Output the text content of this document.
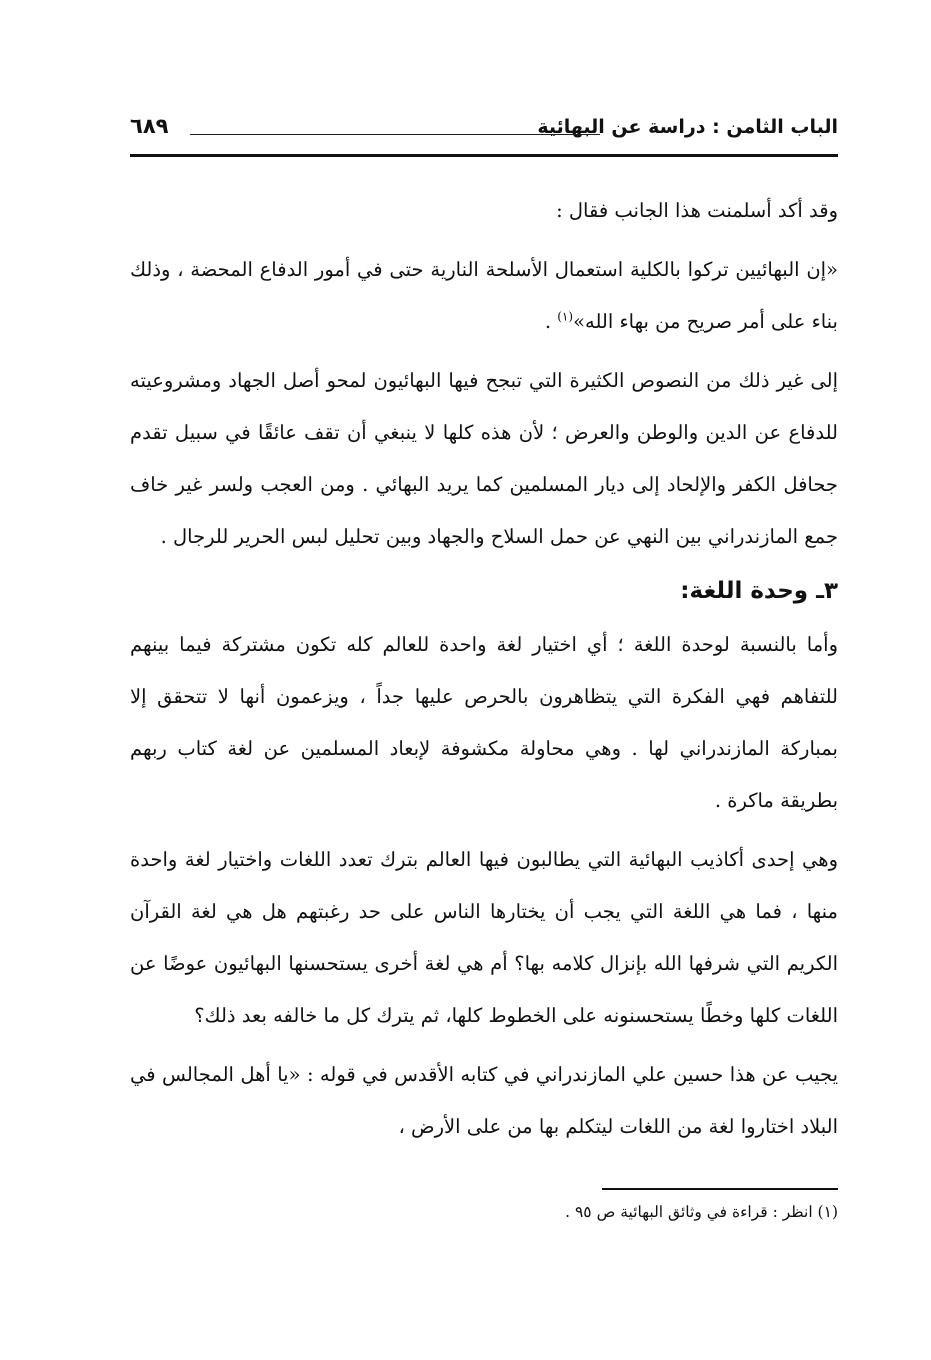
الباب الثامن : دراسة عن البهائية
٦٨٩

وقد أكد أسلمنت هذا الجانب فقال :

«إن البهائيين تركوا بالكلية استعمال الأسلحة النارية حتى في أمور الدفاع المحضة ، وذلك بناء على أمر صريح من بهاء الله»$^{(١)}$ .

إلى غير ذلك من النصوص الكثيرة التي تبجح فيها البهائيون لمحو أصل الجهاد ومشروعيته للدفاع عن الدين والوطن والعرض ؛ لأن هذه كلها لا ينبغي أن تقف عائقًا في سبيل تقدم جحافل الكفر والإلحاد إلى ديار المسلمين كما يريد البهائي . ومن العجب ولسر غير خاف جمع المازندراني بين النهي عن حمل السلاح والجهاد وبين تحليل لبس الحرير للرجال .

٣ـ وحدة اللغة:

وأما بالنسبة لوحدة اللغة ؛ أي اختيار لغة واحدة للعالم كله تكون مشتركة فيما بينهم للتفاهم فهي الفكرة التي يتظاهرون بالحرص عليها جداً ، ويزعمون أنها لا تتحقق إلا بمباركة المازندراني لها . وهي محاولة مكشوفة لإبعاد المسلمين عن لغة كتاب ربهم بطريقة ماكرة .

وهي إحدى أكاذيب البهائية التي يطالبون فيها العالم بترك تعدد اللغات واختيار لغة واحدة منها ، فما هي اللغة التي يجب أن يختارها الناس على حد رغبتهم هل هي لغة القرآن الكريم التي شرفها الله بإنزال كلامه بها؟ أم هي لغة أخرى يستحسنها البهائيون عوضًا عن اللغات كلها وخطًا يستحسنونه على الخطوط كلها، ثم يترك كل ما خالفه بعد ذلك؟

يجيب عن هذا حسين علي المازندراني في كتابه الأقدس في قوله : «يا أهل المجالس في البلاد اختاروا لغة من اللغات ليتكلم بها من على الأرض ،

(١) انظر : قراءة في وثائق البهائية ص ٩٥ .
